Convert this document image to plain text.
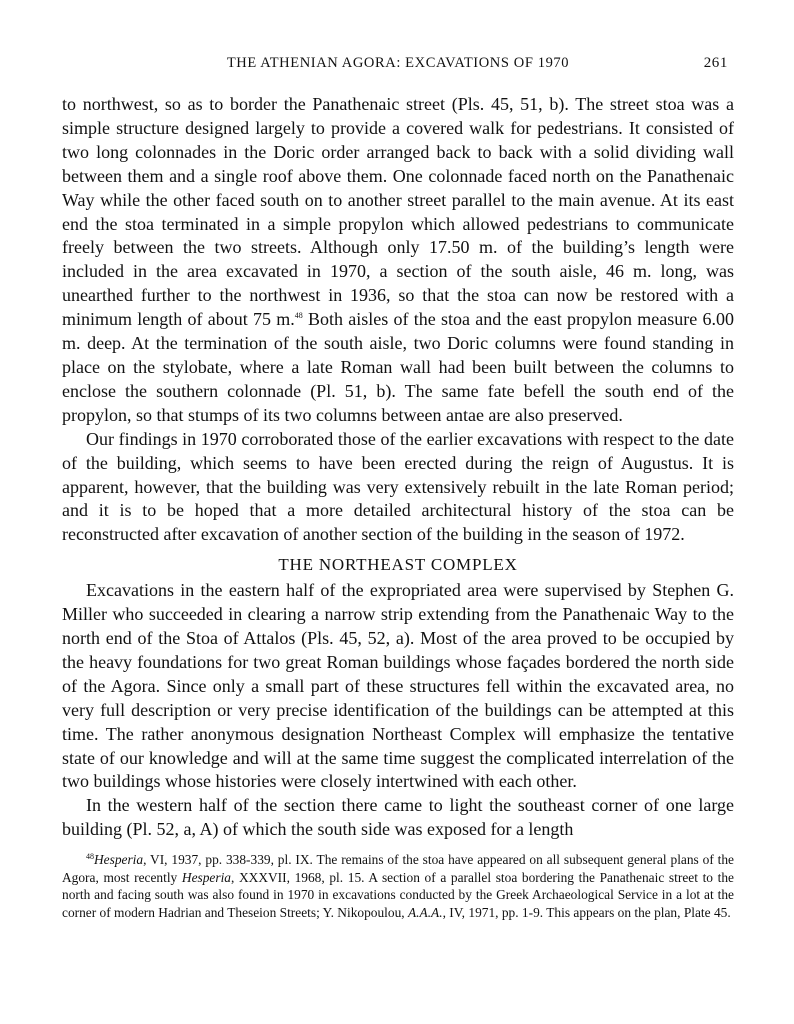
THE ATHENIAN AGORA: EXCAVATIONS OF 1970	261

to northwest, so as to border the Panathenaic street (Pls. 45, 51, b). The street stoa was a simple structure designed largely to provide a covered walk for pedestrians. It consisted of two long colonnades in the Doric order arranged back to back with a solid dividing wall between them and a single roof above them. One colonnade faced north on the Panathenaic Way while the other faced south on to another street parallel to the main avenue. At its east end the stoa terminated in a simple propylon which allowed pedestrians to communicate freely between the two streets. Although only 17.50 m. of the building’s length were included in the area excavated in 1970, a section of the south aisle, 46 m. long, was unearthed further to the northwest in 1936, so that the stoa can now be restored with a minimum length of about 75 m.$^{48}$ Both aisles of the stoa and the east propylon measure 6.00 m. deep. At the termination of the south aisle, two Doric columns were found standing in place on the stylobate, where a late Roman wall had been built between the columns to enclose the southern colonnade (Pl. 51, b). The same fate befell the south end of the propylon, so that stumps of its two columns between antae are also preserved.

Our findings in 1970 corroborated those of the earlier excavations with respect to the date of the building, which seems to have been erected during the reign of Augustus. It is apparent, however, that the building was very extensively rebuilt in the late Roman period; and it is to be hoped that a more detailed architectural history of the stoa can be reconstructed after excavation of another section of the building in the season of 1972.

THE NORTHEAST COMPLEX

Excavations in the eastern half of the expropriated area were supervised by Stephen G. Miller who succeeded in clearing a narrow strip extending from the Panathenaic Way to the north end of the Stoa of Attalos (Pls. 45, 52, a). Most of the area proved to be occupied by the heavy foundations for two great Roman buildings whose façades bordered the north side of the Agora. Since only a small part of these structures fell within the excavated area, no very full description or very precise identification of the buildings can be attempted at this time. The rather anonymous designation Northeast Complex will emphasize the tentative state of our knowledge and will at the same time suggest the complicated interrelation of the two buildings whose histories were closely intertwined with each other.

In the western half of the section there came to light the southeast corner of one large building (Pl. 52, a, A) of which the south side was exposed for a length

$^{48}$Hesperia, VI, 1937, pp. 338-339, pl. IX. The remains of the stoa have appeared on all subsequent general plans of the Agora, most recently Hesperia, XXXVII, 1968, pl. 15. A section of a parallel stoa bordering the Panathenaic street to the north and facing south was also found in 1970 in excavations conducted by the Greek Archaeological Service in a lot at the corner of modern Hadrian and Theseion Streets; Y. Nikopoulou, A.A.A., IV, 1971, pp. 1-9. This appears on the plan, Plate 45.
